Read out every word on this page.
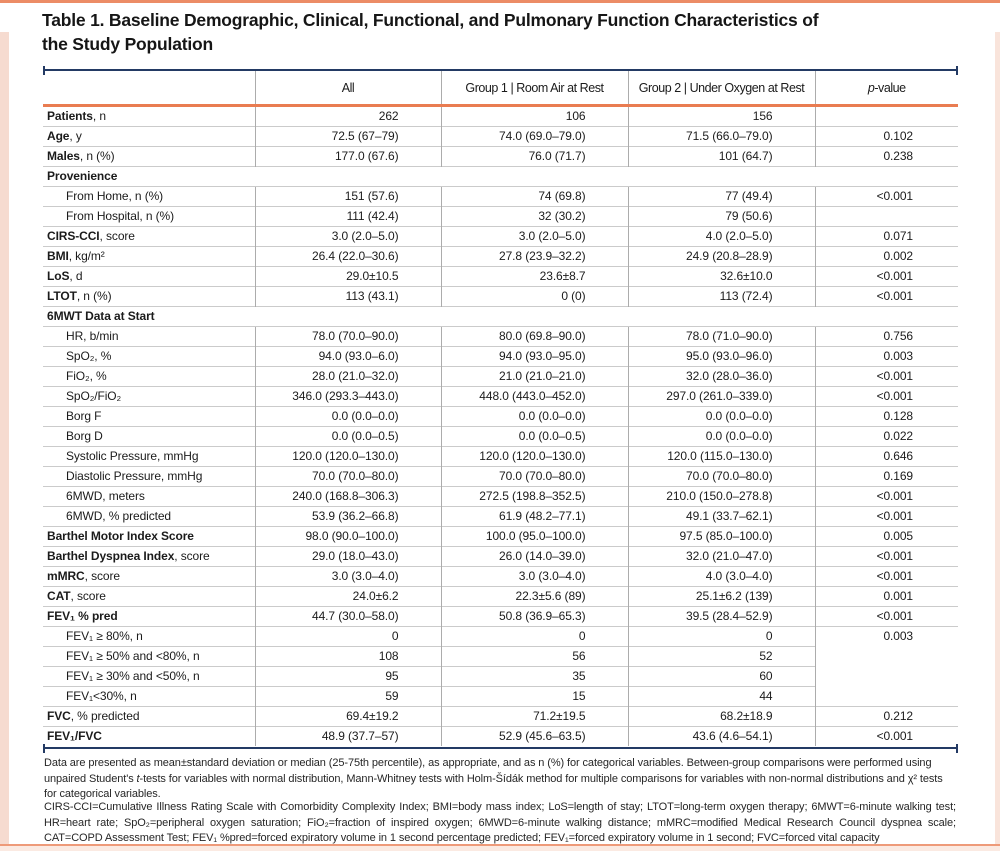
Table 1. Baseline Demographic, Clinical, Functional, and Pulmonary Function Characteristics of
the Study Population
	All	Group 1 | Room Air at Rest	Group 2 | Under Oxygen at Rest	p-value
Patients, n	262	106	156	
Age, y	72.5 (67–79)	74.0 (69.0–79.0)	71.5 (66.0–79.0)	0.102
Males, n (%)	177.0 (67.6)	76.0 (71.7)	101 (64.7)	0.238
Provenience				
From Home, n (%)	151 (57.6)	74 (69.8)	77 (49.4)	<0.001
From Hospital, n (%)	111 (42.4)	32 (30.2)	79 (50.6)	
CIRS-CCI, score	3.0 (2.0–5.0)	3.0 (2.0–5.0)	4.0 (2.0–5.0)	0.071
BMI, kg/m²	26.4 (22.0–30.6)	27.8 (23.9–32.2)	24.9 (20.8–28.9)	0.002
LoS, d	29.0±10.5	23.6±8.7	32.6±10.0	<0.001
LTOT, n (%)	113 (43.1)	0 (0)	113 (72.4)	<0.001
6MWT Data at Start				
HR, b/min	78.0 (70.0–90.0)	80.0 (69.8–90.0)	78.0 (71.0–90.0)	0.756
SpO₂, %	94.0 (93.0–6.0)	94.0 (93.0–95.0)	95.0 (93.0–96.0)	0.003
FiO₂, %	28.0 (21.0–32.0)	21.0 (21.0–21.0)	32.0 (28.0–36.0)	<0.001
SpO₂/FiO₂	346.0 (293.3–443.0)	448.0 (443.0–452.0)	297.0 (261.0–339.0)	<0.001
Borg F	0.0 (0.0–0.0)	0.0 (0.0–0.0)	0.0 (0.0–0.0)	0.128
Borg D	0.0 (0.0–0.5)	0.0 (0.0–0.5)	0.0 (0.0–0.0)	0.022
Systolic Pressure, mmHg	120.0 (120.0–130.0)	120.0 (120.0–130.0)	120.0 (115.0–130.0)	0.646
Diastolic Pressure, mmHg	70.0 (70.0–80.0)	70.0 (70.0–80.0)	70.0 (70.0–80.0)	0.169
6MWD, meters	240.0 (168.8–306.3)	272.5 (198.8–352.5)	210.0 (150.0–278.8)	<0.001
6MWD, % predicted	53.9 (36.2–66.8)	61.9 (48.2–77.1)	49.1 (33.7–62.1)	<0.001
Barthel Motor Index Score	98.0 (90.0–100.0)	100.0 (95.0–100.0)	97.5 (85.0–100.0)	0.005
Barthel Dyspnea Index, score	29.0 (18.0–43.0)	26.0 (14.0–39.0)	32.0 (21.0–47.0)	<0.001
mMRC, score	3.0 (3.0–4.0)	3.0 (3.0–4.0)	4.0 (3.0–4.0)	<0.001
CAT, score	24.0±6.2	22.3±5.6 (89)	25.1±6.2 (139)	0.001
FEV₁ % pred	44.7 (30.0–58.0)	50.8 (36.9–65.3)	39.5 (28.4–52.9)	<0.001
FEV₁ ≥ 80%, n	0	0	0	0.003
FEV₁ ≥ 50% and <80%, n	108	56	52	
FEV₁ ≥ 30% and <50%, n	95	35	60	
FEV₁<30%, n	59	15	44	
FVC, % predicted	69.4±19.2	71.2±19.5	68.2±18.9	0.212
FEV₁/FVC	48.9 (37.7–57)	52.9 (45.6–63.5)	43.6 (4.6–54.1)	<0.001
Data are presented as mean±standard deviation or median (25-75th percentile), as appropriate, and as n (%) for categorical variables. Between-group comparisons were performed using unpaired Student's t-tests for variables with normal distribution, Mann-Whitney tests with Holm-Šídák method for multiple comparisons for variables with non-normal distributions and χ² tests for categorical variables.
CIRS-CCI=Cumulative Illness Rating Scale with Comorbidity Complexity Index; BMI=body mass index; LoS=length of stay; LTOT=long-term oxygen therapy; 6MWT=6-minute walking test; HR=heart rate; SpO₂=peripheral oxygen saturation; FiO₂=fraction of inspired oxygen; 6MWD=6-minute walking distance; mMRC=modified Medical Research Council dyspnea scale; CAT=COPD Assessment Test; FEV₁ %pred=forced expiratory volume in 1 second percentage predicted; FEV₁=forced expiratory volume in 1 second; FVC=forced vital capacity
